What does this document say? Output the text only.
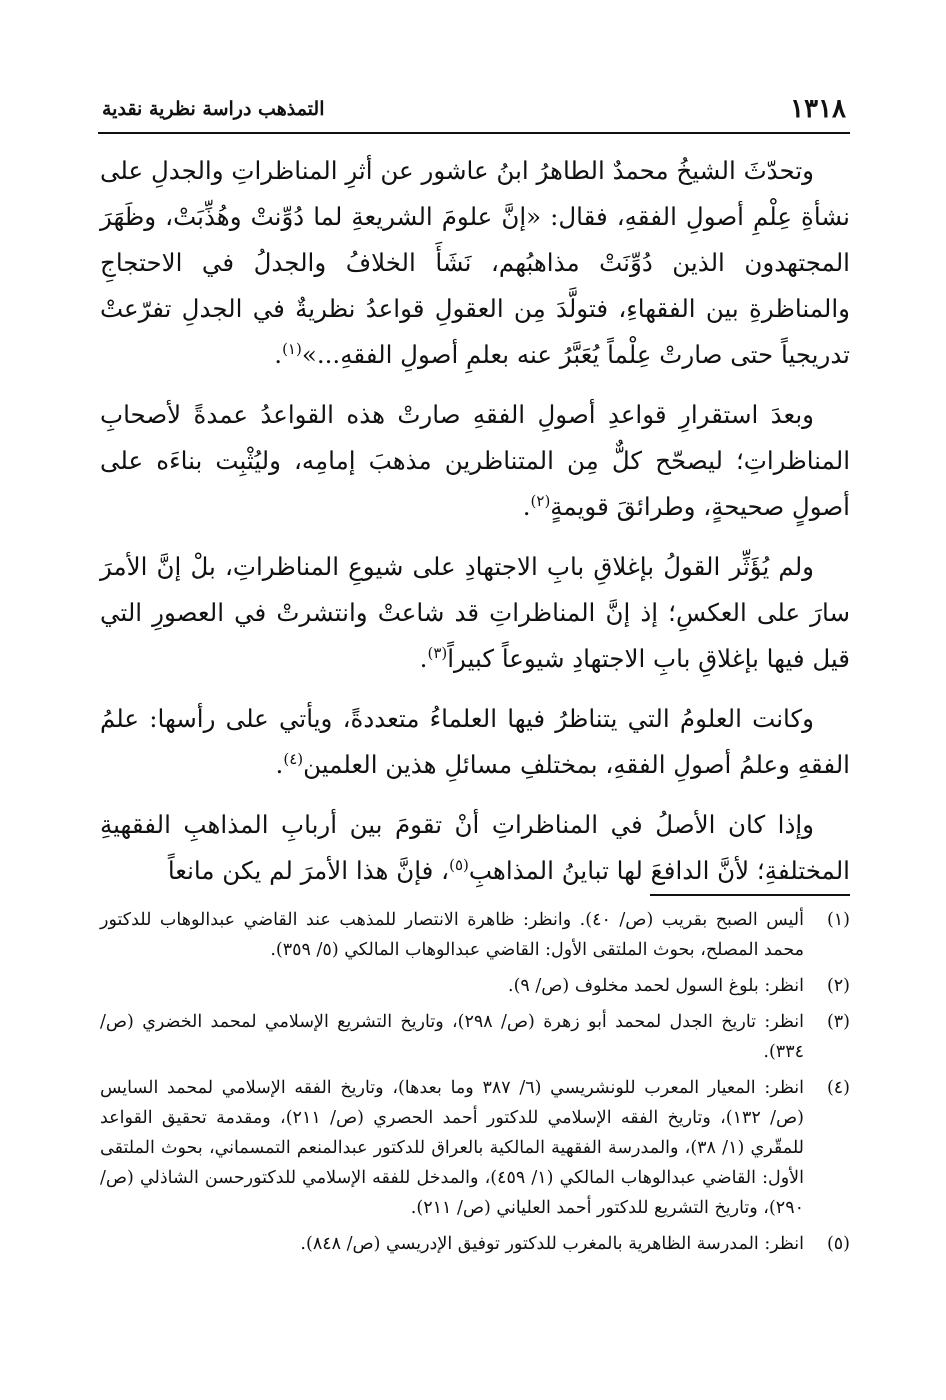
١٣١٨
التمذهب دراسة نظرية نقدية

وتحدّثَ الشيخُ محمدٌ الطاهرُ ابنُ عاشور عن أثرِ المناظراتِ والجدلِ على نشأةِ عِلْمِ أصولِ الفقهِ، فقال: «إنَّ علومَ الشريعةِ لما دُوِّنتْ وهُذِّبَتْ، وظَهَرَ المجتهدون الذين دُوِّنَتْ مذاهبُهم، نَشَأَ الخلافُ والجدلُ في الاحتجاجِ والمناظرةِ بين الفقهاءِ، فتولَّدَ مِن العقولِ قواعدُ نظريةٌ في الجدلِ تفرّعتْ تدريجياً حتى صارتْ عِلْماً يُعَبَّرُ عنه بعلمِ أصولِ الفقهِ...»$^{(١)}$.

وبعدَ استقرارِ قواعدِ أصولِ الفقهِ صارتْ هذه القواعدُ عمدةً لأصحابِ المناظراتِ؛ ليصحّح كلٌّ مِن المتناظرين مذهبَ إمامِه، وليُثْبِت بناءَه على أصولٍ صحيحةٍ، وطرائقَ قويمةٍ$^{(٢)}$.

ولم يُؤَثِّر القولُ بإغلاقِ بابِ الاجتهادِ على شيوعِ المناظراتِ، بلْ إنَّ الأمرَ سارَ على العكسِ؛ إذ إنَّ المناظراتِ قد شاعتْ وانتشرتْ في العصورِ التي قيل فيها بإغلاقِ بابِ الاجتهادِ شيوعاً كبيراً$^{(٣)}$.

وكانت العلومُ التي يتناظرُ فيها العلماءُ متعددةً، ويأتي على رأسها: علمُ الفقهِ وعلمُ أصولِ الفقهِ، بمختلفِ مسائلِ هذين العلمين$^{(٤)}$.

وإذا كان الأصلُ في المناظراتِ أنْ تقومَ بين أربابِ المذاهبِ الفقهيةِ المختلفةِ؛ لأنَّ الدافعَ لها تباينُ المذاهبِ$^{(٥)}$، فإنَّ هذا الأمرَ لم يكن مانعاً

(١)
أليس الصبح بقريب (ص/ ٤٠). وانظر: ظاهرة الانتصار للمذهب عند القاضي عبدالوهاب للدكتور محمد المصلح، بحوث الملتقى الأول: القاضي عبدالوهاب المالكي (٥/ ٣٥٩).
(٢)
انظر: بلوغ السول لحمد مخلوف (ص/ ٩).
(٣)
انظر: تاريخ الجدل لمحمد أبو زهرة (ص/ ٢٩٨)، وتاريخ التشريع الإسلامي لمحمد الخضري (ص/ ٣٣٤).
(٤)
انظر: المعيار المعرب للونشريسي (٦/ ٣٨٧ وما بعدها)، وتاريخ الفقه الإسلامي لمحمد السايس (ص/ ١٣٢)، وتاريخ الفقه الإسلامي للدكتور أحمد الحصري (ص/ ٢١١)، ومقدمة تحقيق القواعد للمقّري (١/ ٣٨)، والمدرسة الفقهية المالكية بالعراق للدكتور عبدالمنعم التمسماني، بحوث الملتقى الأول: القاضي عبدالوهاب المالكي (١/ ٤٥٩)، والمدخل للفقه الإسلامي للدكتورحسن الشاذلي (ص/ ٢٩٠)، وتاريخ التشريع للدكتور أحمد العلياني (ص/ ٢١١).
(٥)
انظر: المدرسة الظاهرية بالمغرب للدكتور توفيق الإدريسي (ص/ ٨٤٨).
